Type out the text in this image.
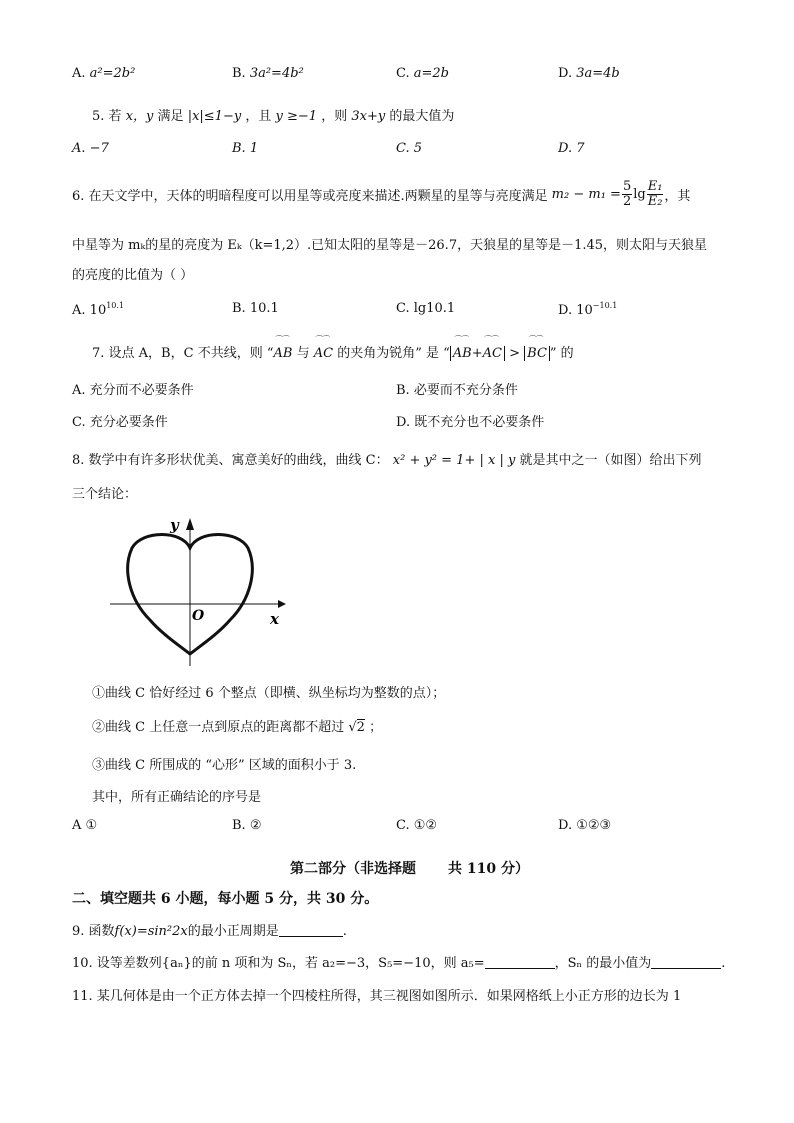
A. a²=2b²	B. 3a²=4b²	C. a=2b	D. 3a=4b
5. 若 x，y 满足 |x|≤1−y ，且 y ≥−1 ，则 3x+y 的最大值为
A. −7	B. 1	C. 5	D. 7
6. 在天文学中，天体的明暗程度可以用星等或亮度来描述.两颗星的星等与亮度满足 $m_2 - m_1 = \frac{5}{2}$ $\lg \frac{\text{E₁}}{\text{E₂}}$ ，其
中星等为 mₖ的星的亮度为 Eₖ（k=1,2）.已知太阳的星等是－26.7，天狼星的星等是－1.45，则太阳与天狼星
的亮度的比值为（ ）
A. $10^{10.1}$	B. 10.1	C. lg10.1	D. $10^{-10.1}$
7. 设点 A，B，C 不共线，则 “⌒⌒ AB 与 ⌒⌒ AC 的夹角为锐角” 是 “ ⌒⌒ AB+⌒⌒ AC > ⌒⌒ BC ” 的
A. 充分而不必要条件	B. 必要而不充分条件
C. 充分必要条件	D. 既不充分也不必要条件
8. 数学中有许多形状优美、寓意美好的曲线，曲线 C： x² + y² = 1+ | x | y 就是其中之一（如图）给出下列
三个结论：
y
O	x
①曲线 C 恰好经过 6 个整点（即横、纵坐标均为整数的点）；
②曲线 C 上任意一点到原点的距离都不超过 √2 ；
③曲线 C 所围成的 “心形” 区域的面积小于 3.
其中，所有正确结论的序号是
A ①	B. ②	C. ①②	D. ①②③
第二部分（非选择题 共 110 分）
二、填空题共 6 小题，每小题 5 分，共 30 分。
9. 函数f(x)=sin²2x的最小正周期是	.
10. 设等差数列{aₙ}的前 n 项和为 Sₙ，若 a₂=−3，S₅=−10，则 a₅=	，Sₙ 的最小值为	.
11. 某几何体是由一个正方体去掉一个四棱柱所得，其三视图如图所示．如果网格纸上小正方形的边长为 1
